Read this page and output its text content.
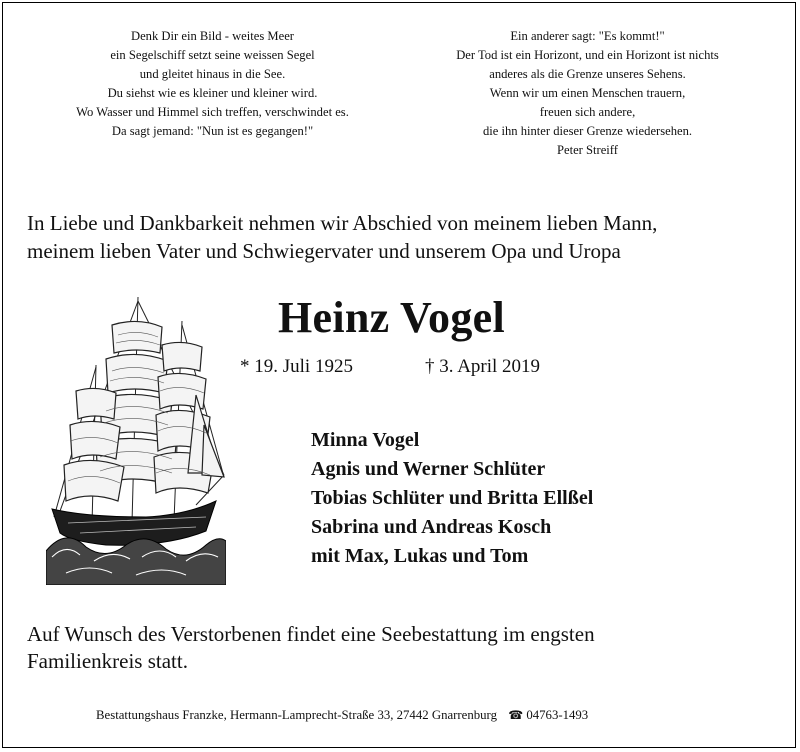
Denk Dir ein Bild - weites Meer
ein Segelschiff setzt seine weissen Segel
und gleitet hinaus in die See.
Du siehst wie es kleiner und kleiner wird.
Wo Wasser und Himmel sich treffen, verschwindet es.
Da sagt jemand: "Nun ist es gegangen!"
Ein anderer sagt: "Es kommt!"
Der Tod ist ein Horizont, und ein Horizont ist nichts
anderes als die Grenze unseres Sehens.
Wenn wir um einen Menschen trauern,
freuen sich andere,
die ihn hinter dieser Grenze wiedersehen.
Peter Streiff
In Liebe und Dankbarkeit nehmen wir Abschied von meinem lieben Mann,
meinem lieben Vater und Schwiegervater und unserem Opa und Uropa
Heinz Vogel
* 19. Juli 1925	† 3. April 2019
Minna Vogel
Agnis und Werner Schlüter
Tobias Schlüter und Britta Ellßel
Sabrina und Andreas Kosch
mit Max, Lukas und Tom
Auf Wunsch des Verstorbenen findet eine Seebestattung im engsten
Familienkreis statt.
Bestattungshaus Franzke, Hermann-Lamprecht-Straße 33, 27442 Gnarrenburg ☎ 04763-1493
